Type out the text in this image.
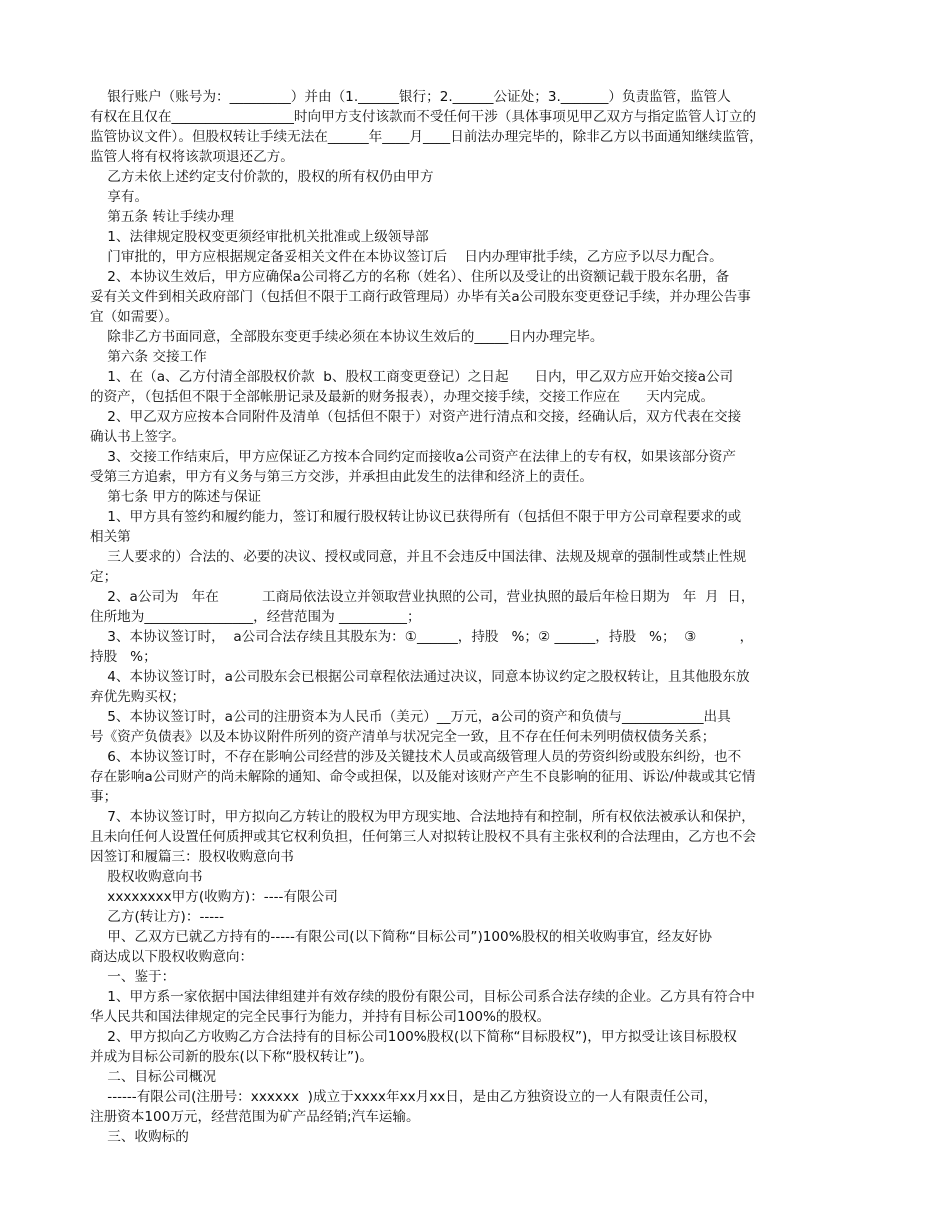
银行账户（账号为：_________）并由（1.______银行；2.______公证处；3._______）负责监管，监管人
有权在且仅在__________________时向甲方支付该款而不受任何干涉（具体事项见甲乙双方与指定监管人订立的
监管协议文件）。但股权转让手续无法在______年____月____日前法办理完毕的，除非乙方以书面通知继续监管，
监管人将有权将该款项退还乙方。
乙方未依上述约定支付价款的，股权的所有权仍由甲方
享有。
第五条 转让手续办理
1、法律规定股权变更须经审批机关批准或上级领导部
门审批的，甲方应根据规定备妥相关文件在本协议签订后    日内办理审批手续，乙方应予以尽力配合。
2、本协议生效后，甲方应确保a公司将乙方的名称（姓名）、住所以及受让的出资额记载于股东名册，备
妥有关文件到相关政府部门（包括但不限于工商行政管理局）办毕有关a公司股东变更登记手续，并办理公告事
宜（如需要）。
除非乙方书面同意，全部股东变更手续必须在本协议生效后的_____日内办理完毕。
第六条 交接工作
1、在（a、乙方付清全部股权价款  b、股权工商变更登记）之日起      日内，甲乙双方应开始交接a公司
的资产，（包括但不限于全部帐册记录及最新的财务报表），办理交接手续，交接工作应在      天内完成。
2、甲乙双方应按本合同附件及清单（包括但不限于）对资产进行清点和交接，经确认后，双方代表在交接
确认书上签字。
3、交接工作结束后，甲方应保证乙方按本合同约定而接收a公司资产在法律上的专有权，如果该部分资产
受第三方追索，甲方有义务与第三方交涉，并承担由此发生的法律和经济上的责任。
第七条 甲方的陈述与保证
1、甲方具有签约和履约能力，签订和履行股权转让协议已获得所有（包括但不限于甲方公司章程要求的或
相关第
三人要求的）合法的、必要的决议、授权或同意，并且不会违反中国法律、法规及规章的强制性或禁止性规
定；
2、a公司为   年在          工商局依法设立并领取营业执照的公司，营业执照的最后年检日期为   年  月  日，
住所地为________________，经营范围为 __________；
3、本协议签订时，  a公司合法存续且其股东为：①______，持股   %；② ______，持股   %；  ③          ，
持股   %；
4、本协议签订时，a公司股东会已根据公司章程依法通过决议，同意本协议约定之股权转让，且其他股东放
弃优先购买权；
5、本协议签订时，a公司的注册资本为人民币（美元）__万元，a公司的资产和负债与____________出具
号《资产负债表》以及本协议附件所列的资产清单与状况完全一致，且不存在任何未列明债权债务关系；
6、本协议签订时，不存在影响公司经营的涉及关键技术人员或高级管理人员的劳资纠纷或股东纠纷，也不
存在影响a公司财产的尚未解除的通知、命令或担保，以及能对该财产产生不良影响的征用、诉讼/仲裁或其它情
事；
7、本协议签订时，甲方拟向乙方转让的股权为甲方现实地、合法地持有和控制，所有权依法被承认和保护，
且未向任何人设置任何质押或其它权利负担，任何第三人对拟转让股权不具有主张权利的合法理由，乙方也不会
因签订和履篇三：股权收购意向书
股权收购意向书
xxxxxxxx甲方(收购方)：----有限公司
乙方(转让方)：-----
甲、乙双方已就乙方持有的-----有限公司(以下简称“目标公司”)100%股权的相关收购事宜，经友好协
商达成以下股权收购意向：
一、鉴于：
1、甲方系一家依据中国法律组建并有效存续的股份有限公司，目标公司系合法存续的企业。乙方具有符合中
华人民共和国法律规定的完全民事行为能力，并持有目标公司100%的股权。
2、甲方拟向乙方收购乙方合法持有的目标公司100%股权(以下简称“目标股权”)，甲方拟受让该目标股权
并成为目标公司新的股东(以下称“股权转让”)。
二、目标公司概况
------有限公司(注册号：xxxxxx  )成立于xxxx年xx月xx日，是由乙方独资设立的一人有限责任公司，
注册资本100万元，经营范围为矿产品经销;汽车运输。
三、收购标的
